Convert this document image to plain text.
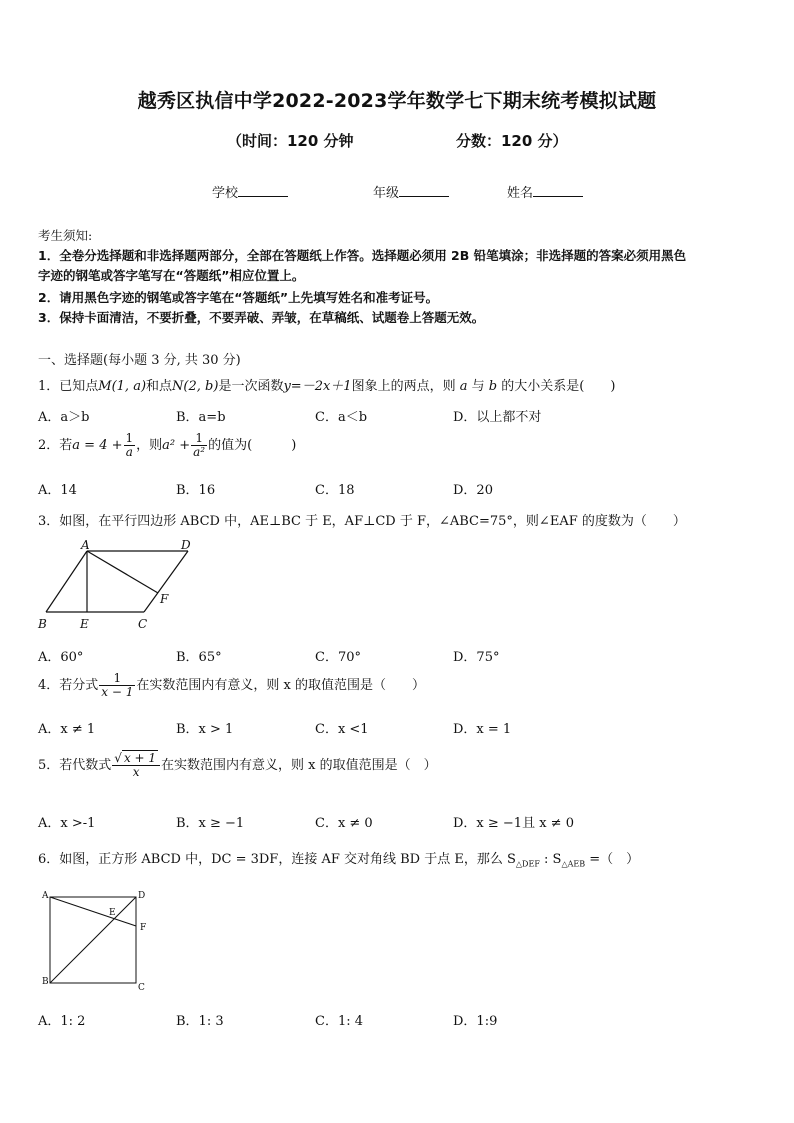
越秀区执信中学2022-2023学年数学七下期末统考模拟试题
（时间：120 分钟	分数：120 分）
学校	年级	姓名
考生须知:
1．全卷分选择题和非选择题两部分，全部在答题纸上作答。选择题必须用 2B 铅笔填涂；非选择题的答案必须用黑色
字迹的钢笔或答字笔写在“答题纸”相应位置上。
2．请用黑色字迹的钢笔或答字笔在“答题纸”上先填写姓名和准考证号。
3．保持卡面清洁，不要折叠，不要弄破、弄皱，在草稿纸、试题卷上答题无效。
一、选择题(每小题 3 分, 共 30 分)
1．已知点M(1, a)和点N(2, b)是一次函数y=－2x＋1图象上的两点，则 a 与 b 的大小关系是(　　)
A．a＞b	B．a=b	C．a＜b	D．以上都不对
2．若$a = 4 + \frac{1}{a}$ ，则$a^2 + \frac{1}{\text{a²}}$ 的值为(　　　)
A．14	B．16	C．18	D．20
3．如图，在平行四边形 ABCD 中，AE⊥BC 于 E，AF⊥CD 于 F，∠ABC=75°，则∠EAF 的度数为（　　）
A	D
F
B	E	C
A．60°	B．65°	C．70°	D．75°
4．若分式 $\frac{1}{x - 1}$ 在实数范围内有意义，则 x 的取值范围是（　　）
A．x ≠ 1	B．x > 1	C．x <1	D．x = 1
5．若代数式 $\frac{√ x + 1}{x}$ 在实数范围内有意义，则 x 的取值范围是（　）
A．x >-1	B．x ≥ −1	C．x ≠ 0	D．x ≥ −1且 x ≠ 0
6．如图，正方形 ABCD 中，DC = 3DF，连接 AF 交对角线 BD 于点 E，那么 $S_{\triangle DEF}$ : $S_{\triangle AEB}$ =（　）
A	D
E
F
B
C
A．1: 2	B．1: 3	C．1: 4	D．1:9
